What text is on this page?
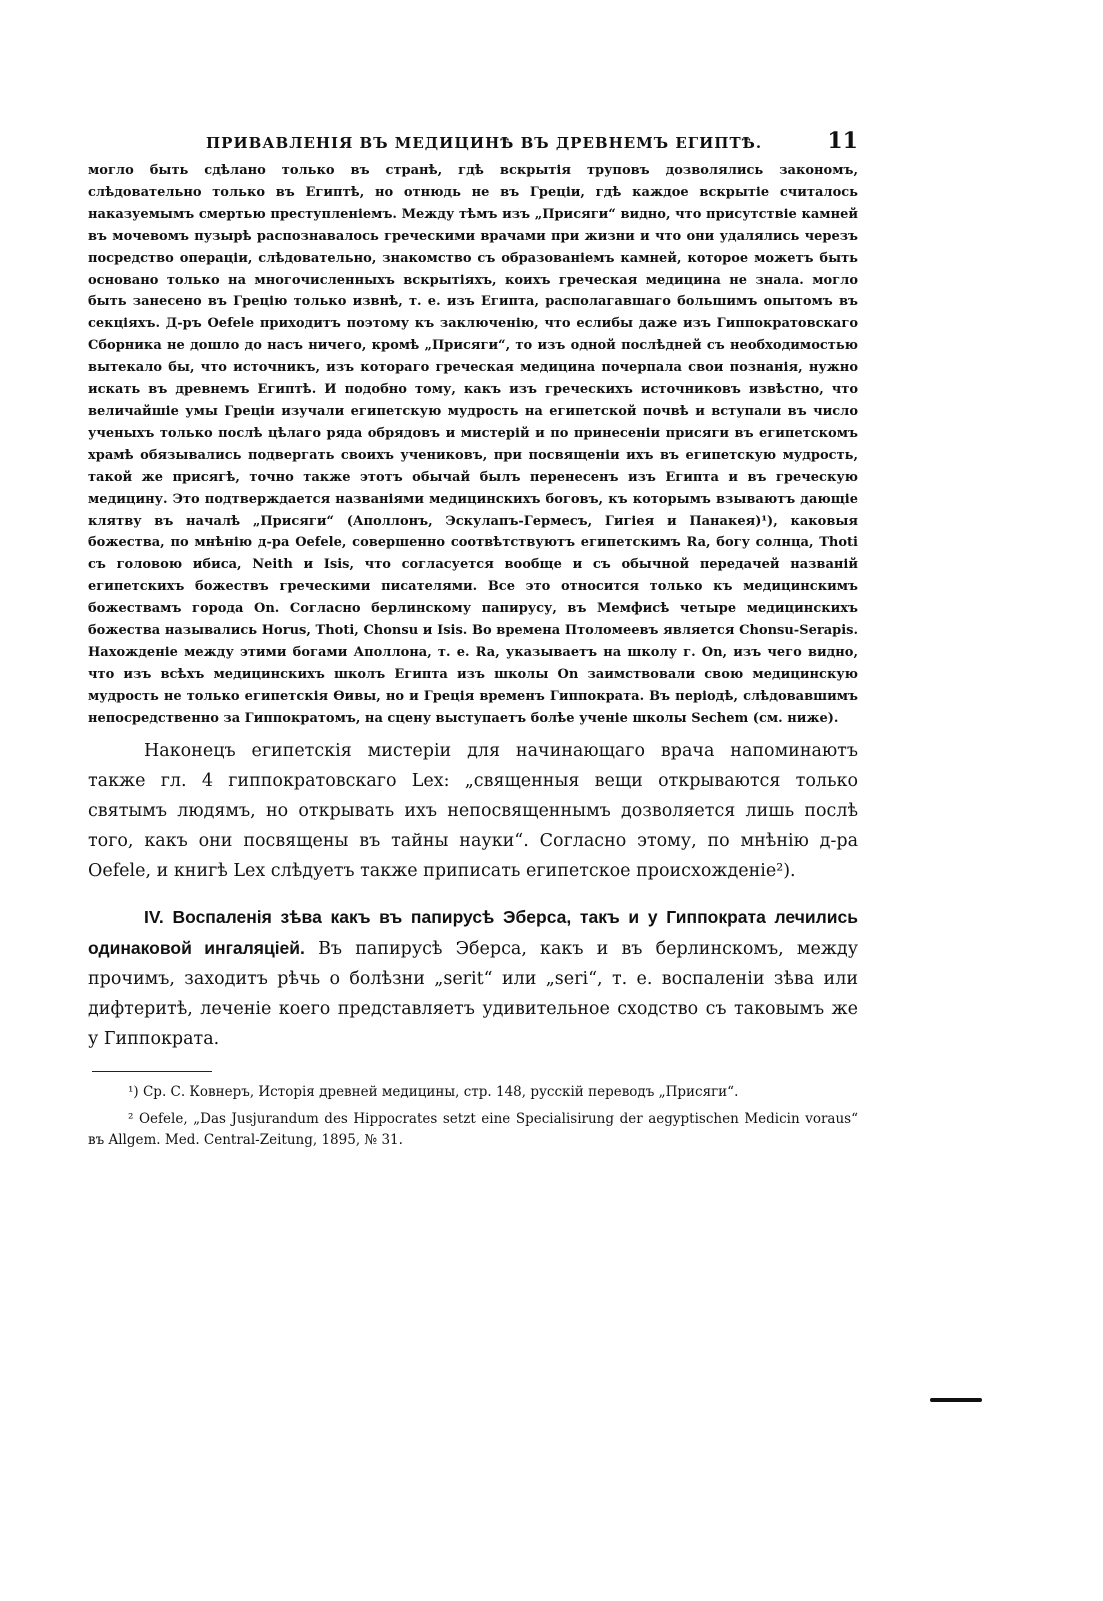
ПРИВАВЛЕНІЯ ВЪ МЕДИЦИНѢ ВЪ ДРЕВНЕМЪ ЕГИПТѢ.	11

могло быть сдѣлано только въ странѣ, гдѣ вскрытія труповъ дозволялись закономъ, слѣдовательно только въ Египтѣ, но отнюдь не въ Греціи, гдѣ каждое вскрытіе считалось наказуемымъ смертью преступленіемъ. Между тѣмъ изъ „Присяги“ видно, что присутствіе камней въ мочевомъ пузырѣ распознавалось греческими врачами при жизни и что они удалялись черезъ посредство операціи, слѣдовательно, знакомство съ образованіемъ камней, которое можетъ быть основано только на многочисленныхъ вскрытіяхъ, коихъ греческая медицина не знала. могло быть занесено въ Грецію только извнѣ, т. е. изъ Египта, располагавшаго большимъ опытомъ въ секціяхъ. Д-ръ Oefele приходитъ поэтому къ заключенію, что еслибы даже изъ Гиппократовскаго Сборника не дошло до насъ ничего, кромѣ „Присяги“, то изъ одной послѣдней съ необходимостью вытекало бы, что источникъ, изъ котораго греческая медицина почерпала свои познанія, нужно искать въ древнемъ Египтѣ. И подобно тому, какъ изъ греческихъ источниковъ извѣстно, что величайшіе умы Греціи изучали египетскую мудрость на египетской почвѣ и вступали въ число ученыхъ только послѣ цѣлаго ряда обрядовъ и мистерій и по принесеніи присяги въ египетскомъ храмѣ обязывались подвергать своихъ учениковъ, при посвященіи ихъ въ египетскую мудрость, такой же присягѣ, точно также этотъ обычай былъ перенесенъ изъ Египта и въ греческую медицину. Это подтверждается названіями медицинскихъ боговъ, къ которымъ взываютъ дающіе клятву въ началѣ „Присяги“ (Аполлонъ, Эскулапъ-Гермесъ, Гигіея и Панакея)¹), каковыя божества, по мнѣнію д-ра Oefele, совершенно соотвѣтствуютъ египетскимъ Ra, богу солнца, Thoti съ головою ибиса, Neith и Isis, что согласуется вообще и съ обычной передачей названій египетскихъ божествъ греческими писателями. Все это относится только къ медицинскимъ божествамъ города On. Согласно берлинскому папирусу, въ Мемфисѣ четыре медицинскихъ божества назывались Horus, Thoti, Chonsu и Isis. Во времена Птоломеевъ является Chonsu-Serapis. Нахожденіе между этими богами Аполлона, т. е. Ra, указываетъ на школу г. On, изъ чего видно, что изъ всѣхъ медицинскихъ школъ Египта изъ школы On заимствовали свою медицинскую мудрость не только египетскія Ѳивы, но и Греція временъ Гиппократа. Въ періодѣ, слѣдовавшимъ непосредственно за Гиппократомъ, на сцену выступаетъ болѣе ученіе школы Sechem (см. ниже).

Наконецъ египетскія мистеріи для начинающаго врача напоминаютъ также гл. 4 гиппократовскаго Lex: „священныя вещи открываются только святымъ людямъ, но открывать ихъ непосвященнымъ дозволяется лишь послѣ того, какъ они посвящены въ тайны науки“. Согласно этому, по мнѣнію д-ра Oefele, и книгѣ Lex слѣдуетъ также приписать египетское происхожденіе²).

IV. Воспаленія зѣва какъ въ папирусѣ Эберса, такъ и у Гиппократа лечились одинаковой ингаляціей. Въ папирусѣ Эберса, какъ и въ берлинскомъ, между прочимъ, заходитъ рѣчь о болѣзни „serit“ или „seri“, т. е. воспаленіи зѣва или дифтеритѣ, леченіе коего представляетъ удивительное сходство съ таковымъ же у Гиппократа.

¹) Ср. С. Ковнеръ, Исторія древней медицины, стр. 148, русскій переводъ „Присяги“.

² Oefele, „Das Jusjurandum des Hippocrates setzt eine Specialisirung der aegyptischen Medicin voraus“ въ Allgem. Med. Central-Zeitung, 1895, № 31.
